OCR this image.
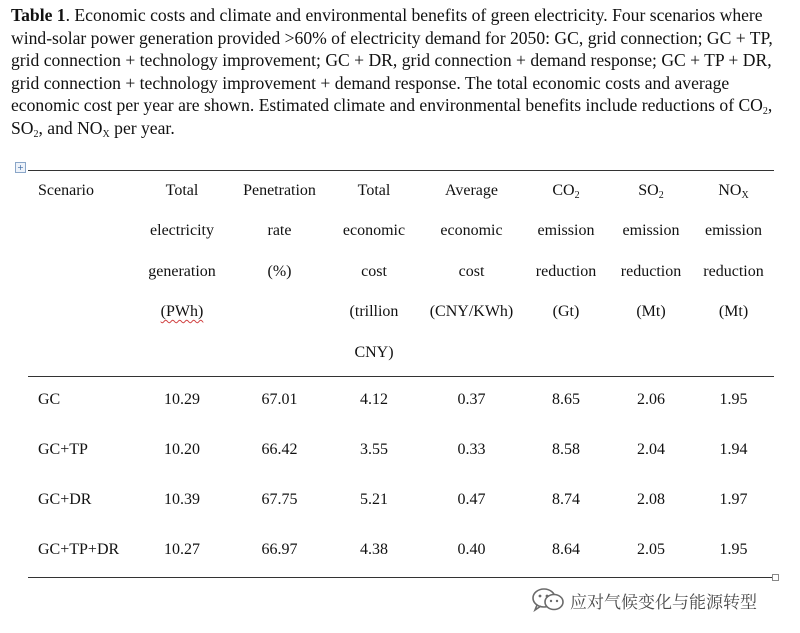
Table 1. Economic costs and climate and environmental benefits of green electricity. Four scenarios where wind-solar power generation provided >60% of electricity demand for 2050: GC, grid connection; GC + TP, grid connection + technology improvement; GC + DR, grid connection + demand response; GC + TP + DR, grid connection + technology improvement + demand response. The total economic costs and average economic cost per year are shown. Estimated climate and environmental benefits include reductions of $CO_2$, $SO_2$, and $NO_X$ per year.
+
Scenario	Total
electricity
generation
(PWh)	Penetration
rate
(%)	Total
economic
cost
(trillion
CNY)	Average
economic
cost
(CNY/KWh)	$CO_2$
emission
reduction
(Gt)	$SO_2$
emission
reduction
(Mt)	$NO_X$
emission
reduction
(Mt)

GC	10.29	67.01	4.12	0.37	8.65	2.06	1.95
GC+TP	10.20	66.42	3.55	0.33	8.58	2.04	1.94
GC+DR	10.39	67.75	5.21	0.47	8.74	2.08	1.97
GC+TP+DR	10.27	66.97	4.38	0.40	8.64	2.05	1.95
应对气候变化与能源转型
